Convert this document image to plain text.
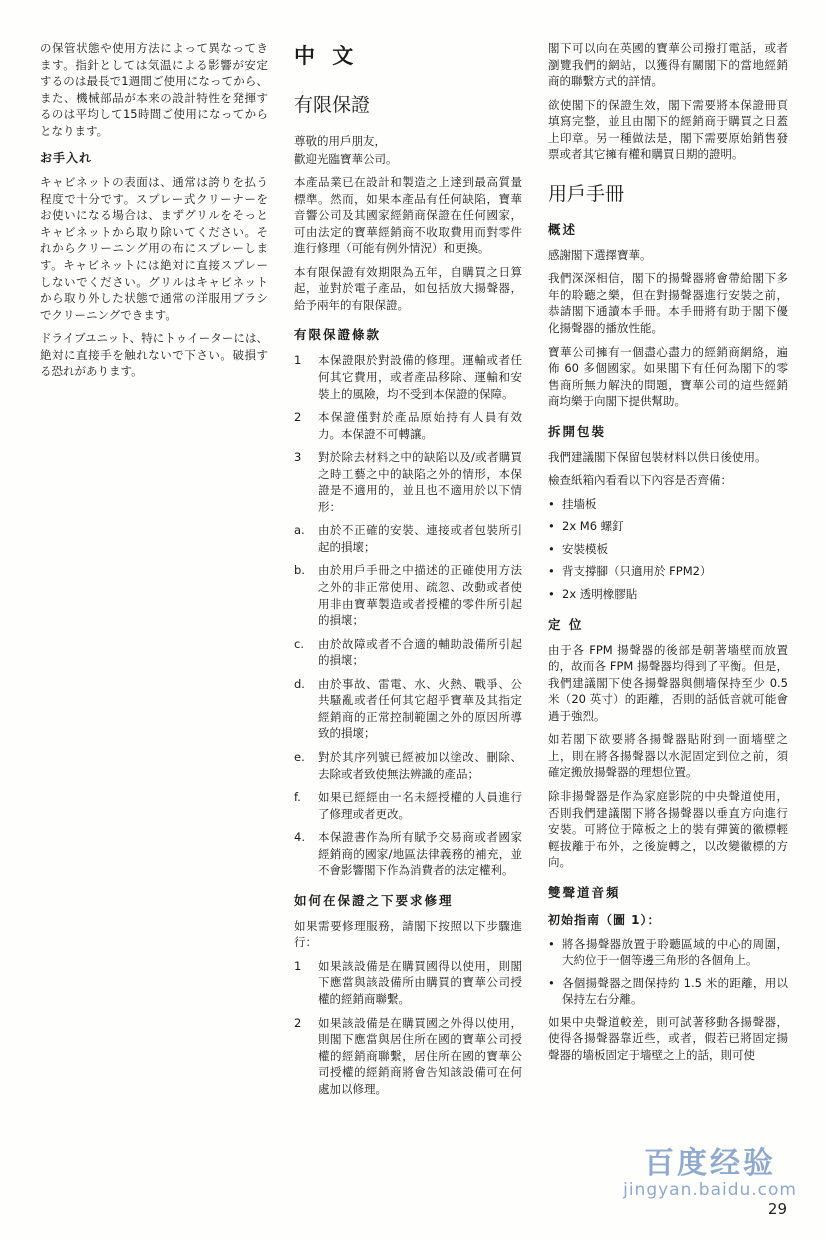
の保管状態や使用方法によって異なってきます。指針としては気温による影響が安定するのは最長で1週間ご使用になってから、また、機械部品が本来の設計特性を発揮するのは平均して15時間ご使用になってからとなります。

お手入れ

キャビネットの表面は、通常は誇りを払う程度で十分です。スプレー式クリーナーをお使いになる場合は、まずグリルをそっとキャビネットから取り除いてください。それからクリーニング用の布にスプレーします。キャビネットには絶対に直接スプレーしないでください。グリルはキャビネットから取り外した状態で通常の洋服用ブラシでクリーニングできます。

ドライブユニット、特にトゥイーターには、絶対に直接手を触れないで下さい。破損する恐れがあります。

中 文
有限保證

尊敬的用戶朋友，

歡迎光臨寶華公司。

本產品業已在設計和製造之上達到最高質量標準。然而，如果本產品有任何缺陷，寶華音響公司及其國家經銷商保證在任何國家，可由法定的寶華經銷商不收取費用而對零件進行修理（可能有例外情況）和更換。

本有限保證有效期限為五年，自購買之日算起，並對於電子產品，如包括放大揚聲器，給予兩年的有限保證。

有限保證條款
1	本保證限於對設備的修理。運輸或者任何其它費用，或者產品移除、運輸和安裝上的風險，均不受到本保證的保障。
2	本保證僅對於產品原始持有人員有效力。本保證不可轉讓。
3	對於除去材料之中的缺陷以及/或者購買之時工藝之中的缺陷之外的情形，本保證是不適用的，並且也不適用於以下情形：
a.	由於不正確的安裝、連接或者包裝所引起的損壞；
b.	由於用戶手冊之中描述的正確使用方法之外的非正常使用、疏忽、改動或者使用非由寶華製造或者授權的零件所引起的損壞；
c.	由於故障或者不合適的輔助設備所引起的損壞；
d.	由於事故、雷電、水、火熱、戰爭、公共騷亂或者任何其它超乎寶華及其指定經銷商的正常控制範圍之外的原因所導致的損壞；
e.	對於其序列號已經被加以塗改、刪除、去除或者致使無法辨識的產品；
f.	如果已經經由一名未經授權的人員進行了修理或者更改。
4.	本保證書作為所有賦予交易商或者國家經銷商的國家/地區法律義務的補充，並不會影響閣下作為消費者的法定權利。
如何在保證之下要求修理

如果需要修理服務，請閣下按照以下步驟進行：

1	如果該設備是在購買國得以使用，則閣下應當與該設備所由購買的寶華公司授權的經銷商聯繫。
2	如果該設備是在購買國之外得以使用，則閣下應當與居住所在國的寶華公司授權的經銷商聯繫，居住所在國的寶華公司授權的經銷商將會告知該設備可在何處加以修理。

閣下可以向在英國的寶華公司撥打電話，或者瀏覽我們的網站，以獲得有關閣下的當地經銷商的聯繫方式的詳情。

欲使閣下的保證生效，閣下需要將本保證冊頁填寫完整，並且由閣下的經銷商于購買之日蓋上印章。另一種做法是，閣下需要原始銷售發票或者其它擁有權和購買日期的證明。

用戶手冊
概述

感謝閣下選擇寶華。

我們深深相信，閣下的揚聲器將會帶給閣下多年的聆聽之樂，但在對揚聲器進行安裝之前，恭請閣下通讀本手冊。本手冊將有助于閣下優化揚聲器的播放性能。

寶華公司擁有一個盡心盡力的經銷商網絡，遍佈 60 多個國家。如果閣下有任何為閣下的零售商所無力解決的問題，寶華公司的這些經銷商均樂于向閣下提供幫助。

拆開包裝

我們建議閣下保留包裝材料以供日後使用。

檢查紙箱內看看以下內容是否齊備：

• 挂墻板
• 2x M6 螺釘
• 安裝模板
• 背支撐腳（只適用於 FPM2）
• 2x 透明橡膠貼
定 位

由于各 FPM 揚聲器的後部是朝著墻壁而放置的，故而各 FPM 揚聲器均得到了平衡。但是，我們建議閣下使各揚聲器與側墻保持至少 0.5 米（20 英寸）的距離，否則的話低音就可能會過于強烈。

如若閣下欲要將各揚聲器貼附到一面墻壁之上，則在將各揚聲器以水泥固定到位之前，須確定搬放揚聲器的理想位置。

除非揚聲器是作為家庭影院的中央聲道使用，否則我們建議閣下將各揚聲器以垂直方向進行安裝。可將位于障板之上的裝有彈簧的徽標輕輕拔離于布外，之後旋轉之，以改變徽標的方向。

雙聲道音頻
初始指南（圖 1）：
• 將各揚聲器放置于聆聽區域的中心的周圍，大約位于一個等邊三角形的各個角上。
• 各個揚聲器之間保持約 1.5 米的距離，用以保持左右分離。

如果中央聲道較差，則可試著移動各揚聲器，使得各揚聲器靠近些，或者，假若已將固定揚聲器的墻板固定于墻壁之上的話，則可使

百度经验
jingyan.baidu.com
29
